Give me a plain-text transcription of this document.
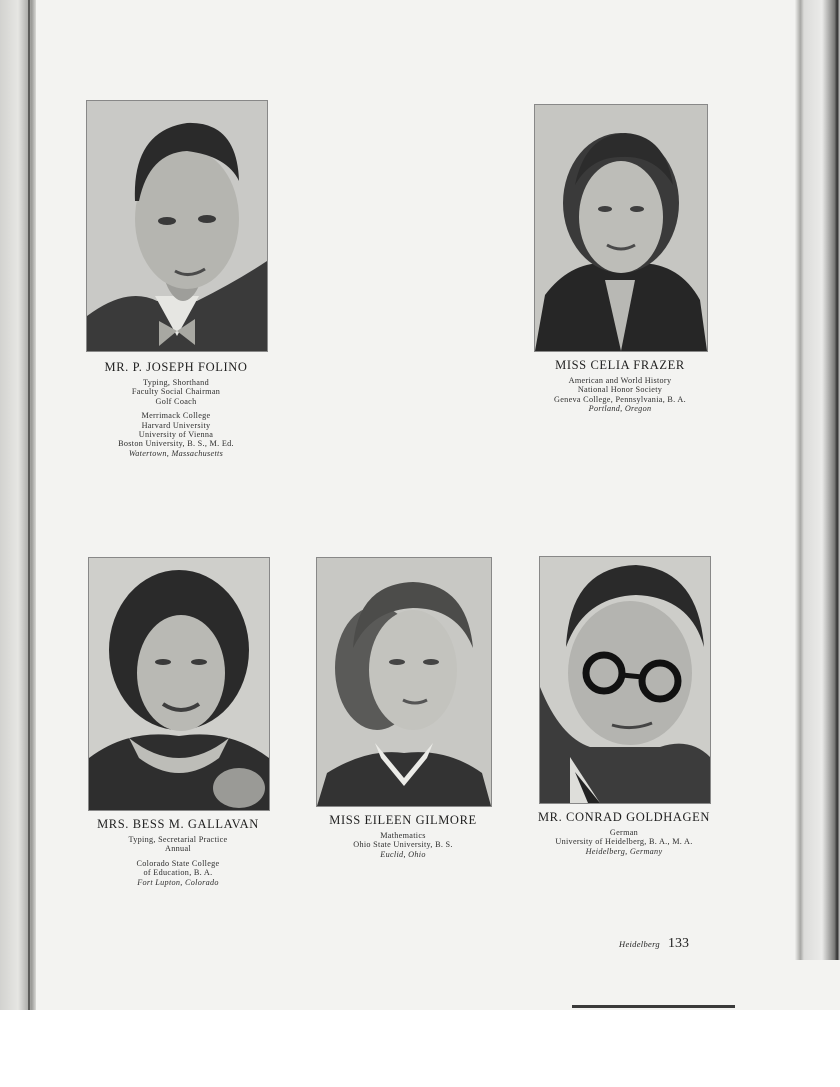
MR. P. JOSEPH FOLINO
Typing, Shorthand
Faculty Social Chairman
Golf Coach
Merrimack College
Harvard University
University of Vienna
Boston University, B. S., M. Ed.
Watertown, Massachusetts
MISS CELIA FRAZER
American and World History
National Honor Society
Geneva College, Pennsylvania, B. A.
Portland, Oregon
MRS. BESS M. GALLAVAN
Typing, Secretarial Practice
Annual
Colorado State College
of Education, B. A.
Fort Lupton, Colorado
MISS EILEEN GILMORE
Mathematics
Ohio State University, B. S.
Euclid, Ohio
MR. CONRAD GOLDHAGEN
German
University of Heidelberg, B. A., M. A.
Heidelberg, Germany
Heidelberg 133
